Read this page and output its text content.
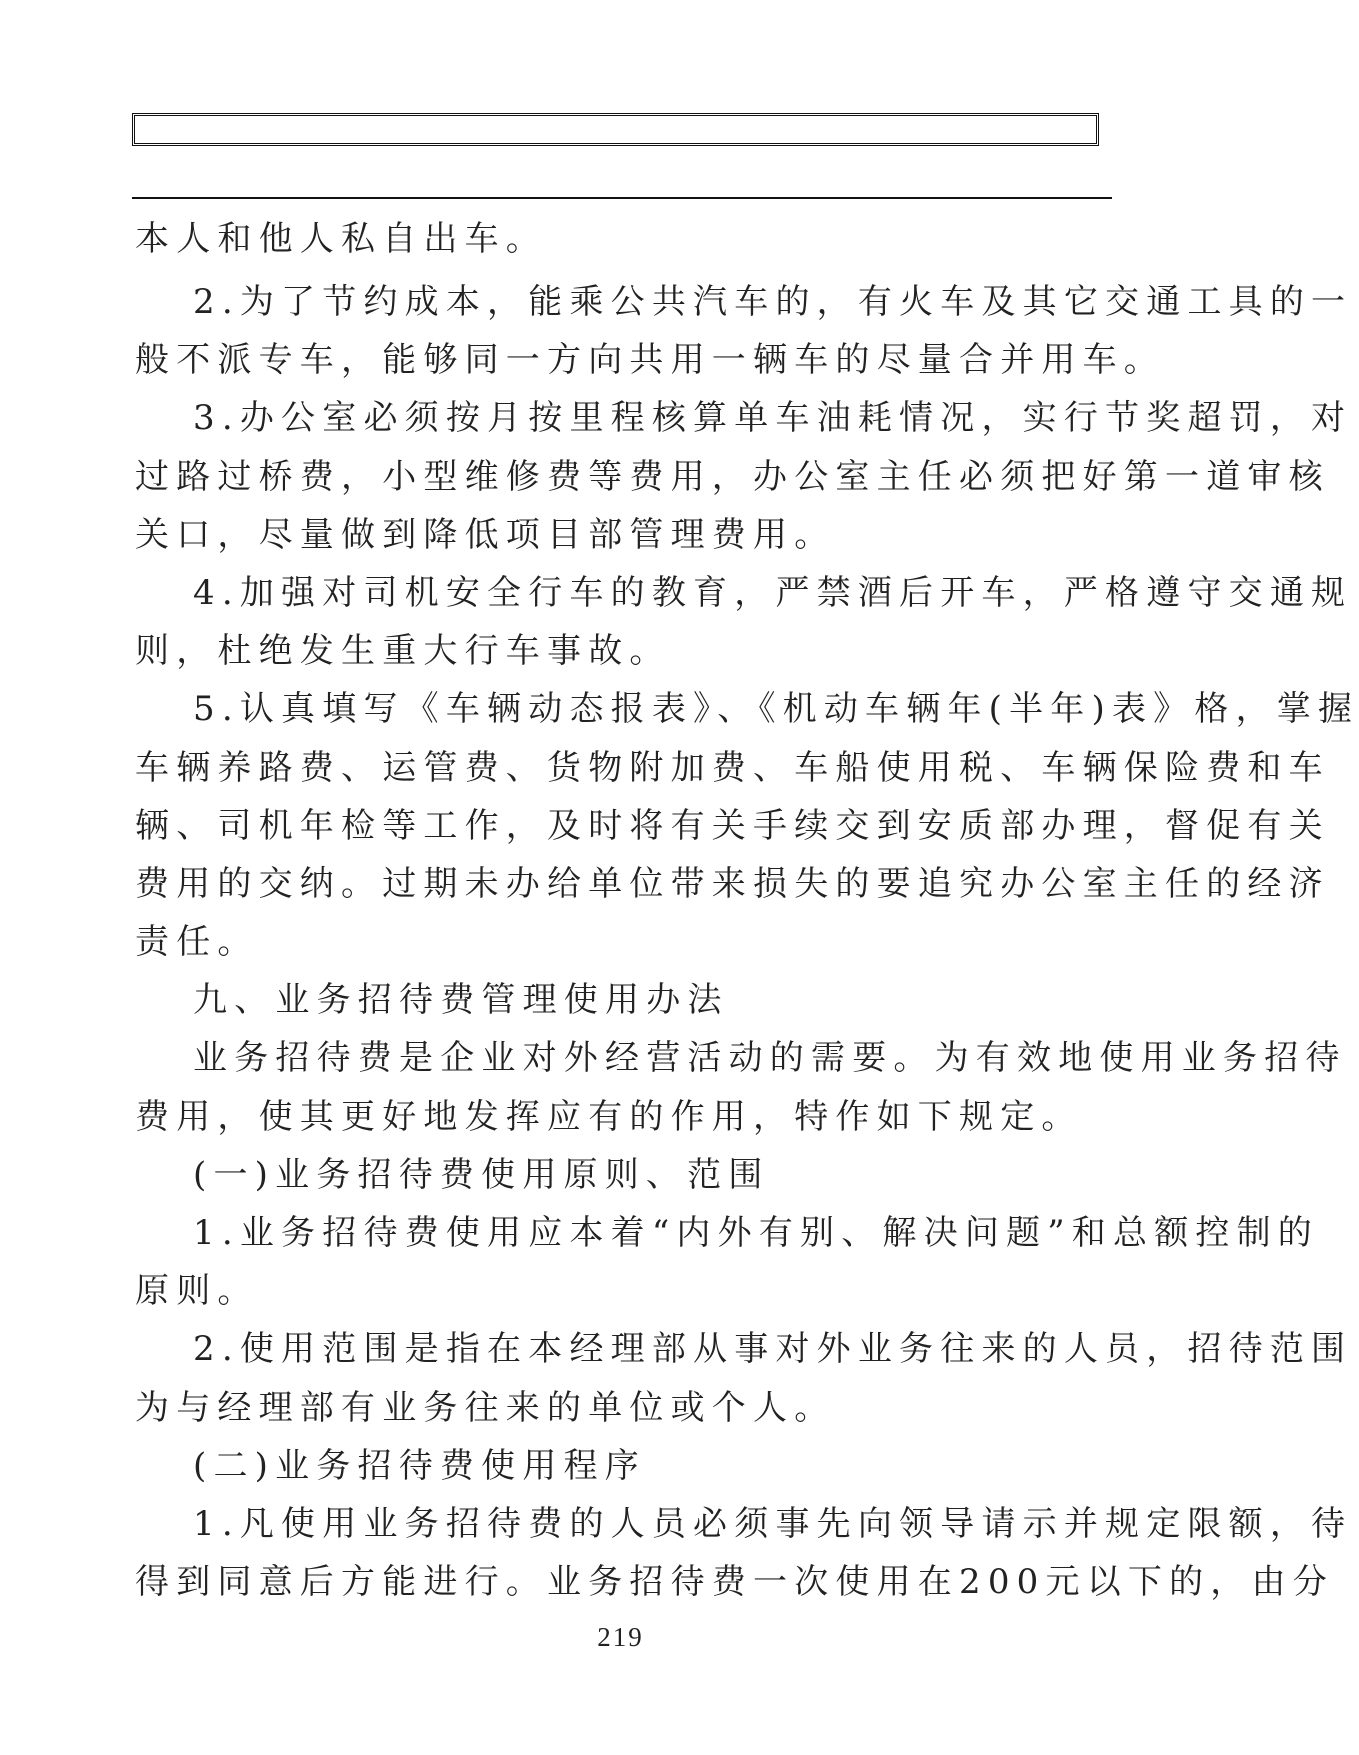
本人和他人私自出车。
2.为了节约成本，能乘公共汽车的，有火车及其它交通工具的一
般不派专车，能够同一方向共用一辆车的尽量合并用车。
3.办公室必须按月按里程核算单车油耗情况，实行节奖超罚，对
过路过桥费，小型维修费等费用，办公室主任必须把好第一道审核
关口，尽量做到降低项目部管理费用。
4.加强对司机安全行车的教育，严禁酒后开车，严格遵守交通规
则，杜绝发生重大行车事故。
5.认真填写《车辆动态报表》、《机动车辆年(半年)表》格，掌握
车辆养路费、运管费、货物附加费、车船使用税、车辆保险费和车
辆、司机年检等工作，及时将有关手续交到安质部办理，督促有关
费用的交纳。过期未办给单位带来损失的要追究办公室主任的经济
责任。
九、业务招待费管理使用办法
业务招待费是企业对外经营活动的需要。为有效地使用业务招待
费用，使其更好地发挥应有的作用，特作如下规定。
(一)业务招待费使用原则、范围
1.业务招待费使用应本着“内外有别、解决问题”和总额控制的
原则。
2.使用范围是指在本经理部从事对外业务往来的人员，招待范围
为与经理部有业务往来的单位或个人。
(二)业务招待费使用程序
1.凡使用业务招待费的人员必须事先向领导请示并规定限额，待
得到同意后方能进行。业务招待费一次使用在200元以下的，由分
219
